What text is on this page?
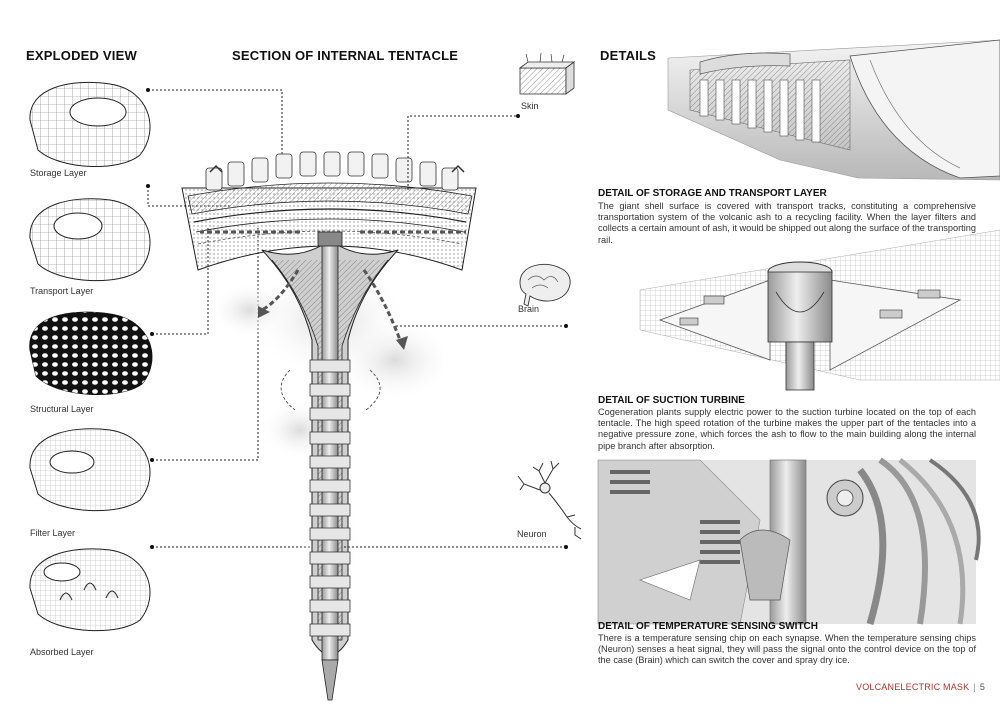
EXPLODED VIEW	SECTION OF INTERNAL TENTACLE	DETAILS
Storage Layer
Transport Layer
Structural Layer
Filter Layer
Absorbed Layer
Skin
Brain
Neuron
DETAIL OF STORAGE AND TRANSPORT LAYER
The giant shell surface is covered with transport tracks, constituting a comprehensive transportation system of the volcanic ash to a recycling facility. When the layer filters and collects a certain amount of ash, it would be shipped out along the surface of the transporting rail.
DETAIL OF SUCTION TURBINE
Cogeneration plants supply electric power to the suction turbine located on the top of each tentacle. The high speed rotation of the turbine makes the upper part of the tentacles into a negative pressure zone, which forces the ash to flow to the main building along the internal pipe branch after absorption.
DETAIL OF TEMPERATURE SENSING SWITCH
There is a temperature sensing chip on each synapse. When the temperature sensing chips (Neuron) senses a heat signal, they will pass the signal onto the control device on the top of the case (Brain) which can switch the cover and spray dry ice.
VOLCANELECTRIC MASK | 5
